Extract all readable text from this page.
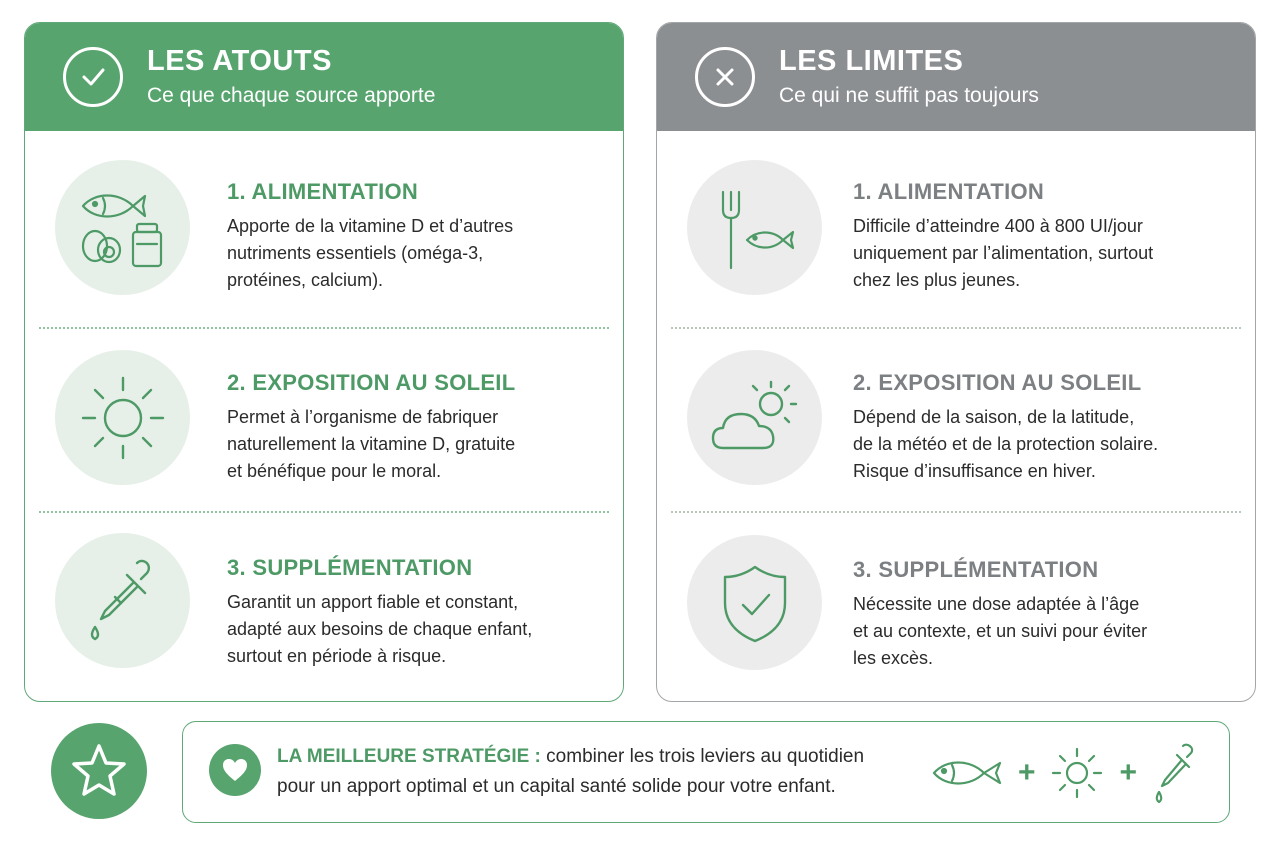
LES ATOUTS
Ce que chaque source apporte
1. ALIMENTATION
Apporte de la vitamine D et d’autres
nutriments essentiels (oméga-3,
protéines, calcium).
2. EXPOSITION AU SOLEIL
Permet à l’organisme de fabriquer
naturellement la vitamine D, gratuite
et bénéfique pour le moral.
3. SUPPLÉMENTATION
Garantit un apport fiable et constant,
adapté aux besoins de chaque enfant,
surtout en période à risque.
LES LIMITES
Ce qui ne suffit pas toujours
1. ALIMENTATION
Difficile d’atteindre 400 à 800 UI/jour
uniquement par l’alimentation, surtout
chez les plus jeunes.
2. EXPOSITION AU SOLEIL
Dépend de la saison, de la latitude,
de la météo et de la protection solaire.
Risque d’insuffisance en hiver.
3. SUPPLÉMENTATION
Nécessite une dose adaptée à l’âge
et au contexte, et un suivi pour éviter
les excès.
LA MEILLEURE STRATÉGIE : combiner les trois leviers au quotidien
pour un apport optimal et un capital santé solide pour votre enfant.	+	+
